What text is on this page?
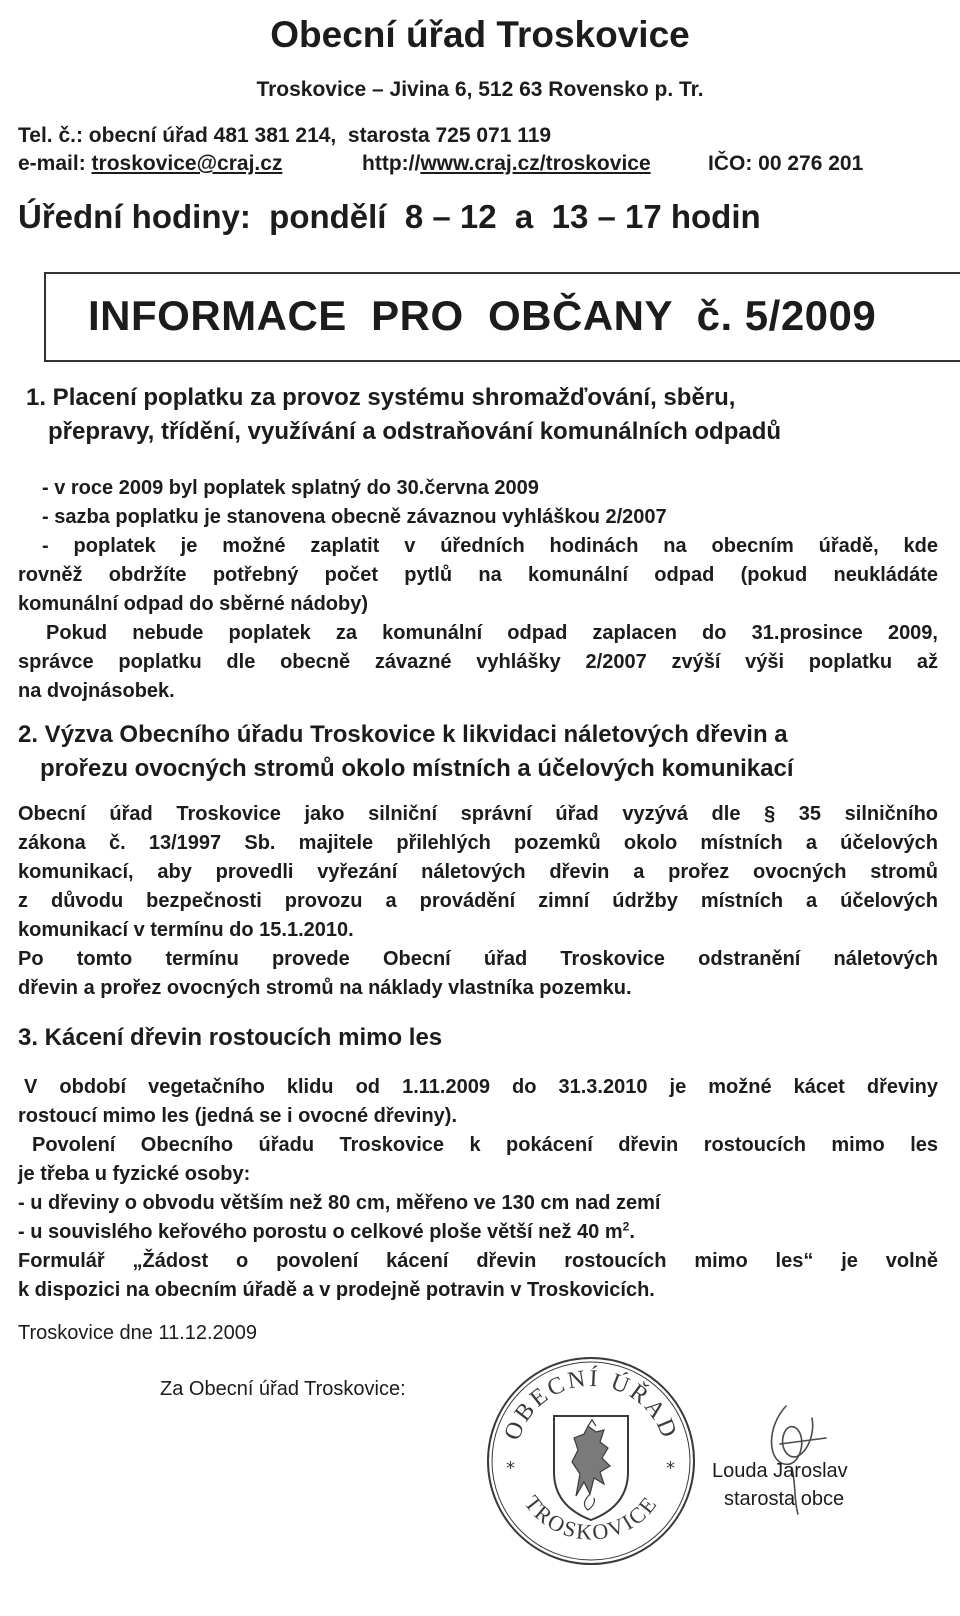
Obecní úřad Troskovice
Troskovice – Jivina 6, 512 63 Rovensko p. Tr.
Tel. č.: obecní úřad 481 381 214,  starosta 725 071 119
e-mail: troskovice@craj.cz	http://www.craj.cz/troskovice	IČO: 00 276 201
Úřední hodiny:  pondělí  8 – 12  a  13 – 17 hodin
INFORMACE  PRO  OBČANY  č. 5/2009
1. Placení poplatku za provoz systému shromažďování, sběru,
přepravy, třídění, využívání a odstraňování komunálních odpadů
- v roce 2009 byl poplatek splatný do 30.června 2009
- sazba poplatku je stanovena obecně závaznou vyhláškou 2/2007
- poplatek je možné zaplatit v úředních hodinách na obecním úřadě, kde
rovněž obdržíte potřebný počet pytlů na komunální odpad (pokud neukládáte
komunální odpad do sběrné nádoby)
Pokud nebude poplatek za komunální odpad zaplacen do 31.prosince 2009,
správce poplatku dle obecně závazné vyhlášky 2/2007 zvýší výši poplatku až
na dvojnásobek.
2. Výzva Obecního úřadu Troskovice k likvidaci náletových dřevin a
prořezu ovocných stromů okolo místních a účelových komunikací
Obecní úřad Troskovice jako silniční správní úřad vyzývá dle § 35 silničního
zákona č. 13/1997 Sb. majitele přilehlých pozemků okolo místních a účelových
komunikací, aby provedli vyřezání náletových dřevin a prořez ovocných stromů
z důvodu bezpečnosti provozu a provádění zimní údržby místních a účelových
komunikací v termínu do 15.1.2010.
Po tomto termínu provede Obecní úřad Troskovice odstranění náletových
dřevin a prořez ovocných stromů na náklady vlastníka pozemku.
3. Kácení dřevin rostoucích mimo les
V období vegetačního klidu od 1.11.2009 do 31.3.2010 je možné kácet dřeviny
rostoucí mimo les (jedná se i ovocné dřeviny).
Povolení Obecního úřadu Troskovice k pokácení dřevin rostoucích mimo les
je třeba u fyzické osoby:
- u dřeviny o obvodu větším než 80 cm, měřeno ve 130 cm nad zemí
- u souvislého keřového porostu o celkové ploše větší než 40 $m^2$.
Formulář „Žádost o povolení kácení dřevin rostoucích mimo les“ je volně
k dispozici na obecním úřadě a v prodejně potravin v Troskovicích.
Troskovice dne 11.12.2009
Za Obecní úřad Troskovice:
OBECNÍ ÚŘAD
TROSKOVICE
*	* Louda Jaroslav
starosta obce
